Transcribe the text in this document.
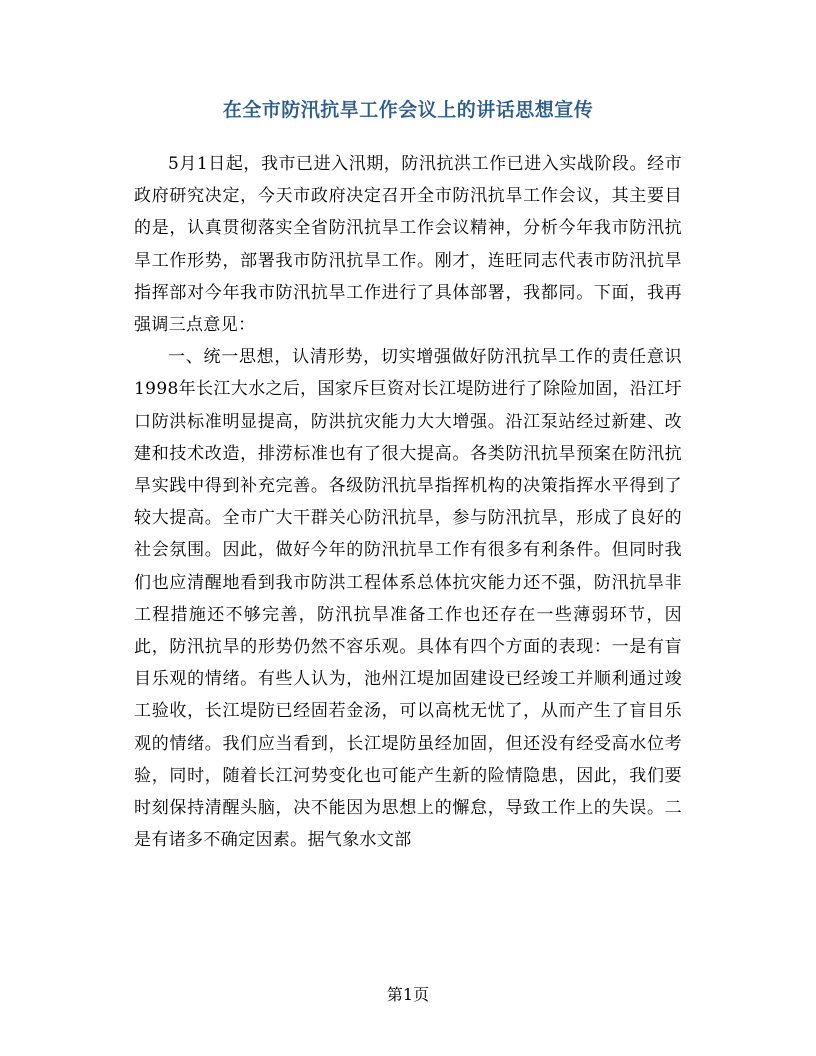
在全市防汛抗旱工作会议上的讲话思想宣传

5月1日起，我市已进入汛期，防汛抗洪工作已进入实战阶段。经市政府研究决定，今天市政府决定召开全市防汛抗旱工作会议，其主要目的是，认真贯彻落实全省防汛抗旱工作会议精神，分析今年我市防汛抗旱工作形势，部署我市防汛抗旱工作。刚才，连旺同志代表市防汛抗旱指挥部对今年我市防汛抗旱工作进行了具体部署，我都同。下面，我再强调三点意见：

一、统一思想，认清形势，切实增强做好防汛抗旱工作的责任意识1998年长江大水之后，国家斥巨资对长江堤防进行了除险加固，沿江圩口防洪标准明显提高，防洪抗灾能力大大增强。沿江泵站经过新建、改建和技术改造，排涝标准也有了很大提高。各类防汛抗旱预案在防汛抗旱实践中得到补充完善。各级防汛抗旱指挥机构的决策指挥水平得到了较大提高。全市广大干群关心防汛抗旱，参与防汛抗旱，形成了良好的社会氛围。因此，做好今年的防汛抗旱工作有很多有利条件。但同时我们也应清醒地看到我市防洪工程体系总体抗灾能力还不强，防汛抗旱非工程措施还不够完善，防汛抗旱准备工作也还存在一些薄弱环节，因此，防汛抗旱的形势仍然不容乐观。具体有四个方面的表现：一是有盲目乐观的情绪。有些人认为，池州江堤加固建设已经竣工并顺利通过竣工验收，长江堤防已经固若金汤，可以高枕无忧了，从而产生了盲目乐观的情绪。我们应当看到，长江堤防虽经加固，但还没有经受高水位考验，同时，随着长江河势变化也可能产生新的险情隐患，因此，我们要时刻保持清醒头脑，决不能因为思想上的懈怠，导致工作上的失误。二是有诸多不确定因素。据气象水文部

第1页
